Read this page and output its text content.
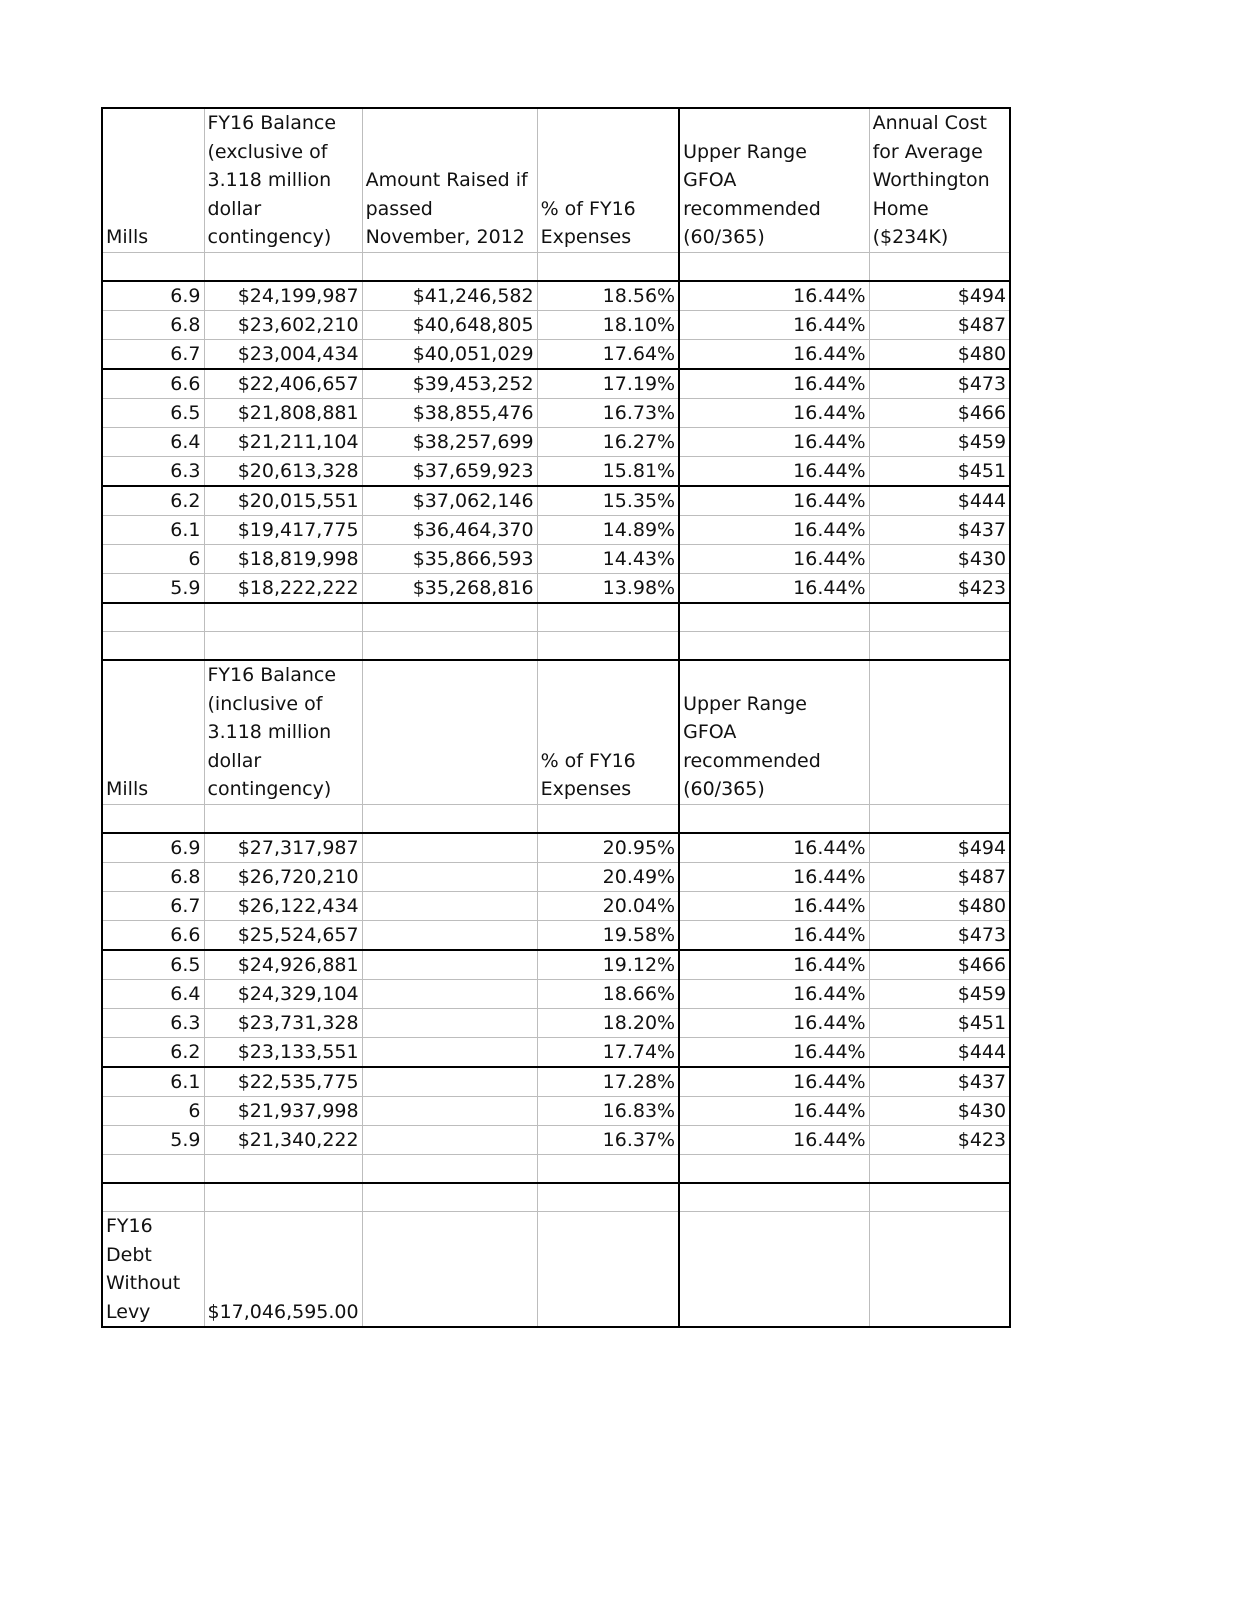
Mills	FY16 Balance (exclusive of 3.118 million dollar contingency)	Amount Raised if passed November, 2012	% of FY16 Expenses	Upper Range GFOA recommended (60/365)	Annual Cost for Average Worthington Home ($234K)

6.9	$24,199,987	$41,246,582	18.56%	16.44%	$494
6.8	$23,602,210	$40,648,805	18.10%	16.44%	$487
6.7	$23,004,434	$40,051,029	17.64%	16.44%	$480
6.6	$22,406,657	$39,453,252	17.19%	16.44%	$473
6.5	$21,808,881	$38,855,476	16.73%	16.44%	$466
6.4	$21,211,104	$38,257,699	16.27%	16.44%	$459
6.3	$20,613,328	$37,659,923	15.81%	16.44%	$451
6.2	$20,015,551	$37,062,146	15.35%	16.44%	$444
6.1	$19,417,775	$36,464,370	14.89%	16.44%	$437
6	$18,819,998	$35,866,593	14.43%	16.44%	$430
5.9	$18,222,222	$35,268,816	13.98%	16.44%	$423

Mills	FY16 Balance (inclusive of 3.118 million dollar contingency)		% of FY16 Expenses	Upper Range GFOA recommended (60/365)	

6.9	$27,317,987		20.95%	16.44%	$494
6.8	$26,720,210		20.49%	16.44%	$487
6.7	$26,122,434		20.04%	16.44%	$480
6.6	$25,524,657		19.58%	16.44%	$473
6.5	$24,926,881		19.12%	16.44%	$466
6.4	$24,329,104		18.66%	16.44%	$459
6.3	$23,731,328		18.20%	16.44%	$451
6.2	$23,133,551		17.74%	16.44%	$444
6.1	$22,535,775		17.28%	16.44%	$437
6	$21,937,998		16.83%	16.44%	$430
5.9	$21,340,222		16.37%	16.44%	$423

FY16 Debt Without Levy	$17,046,595.00				
